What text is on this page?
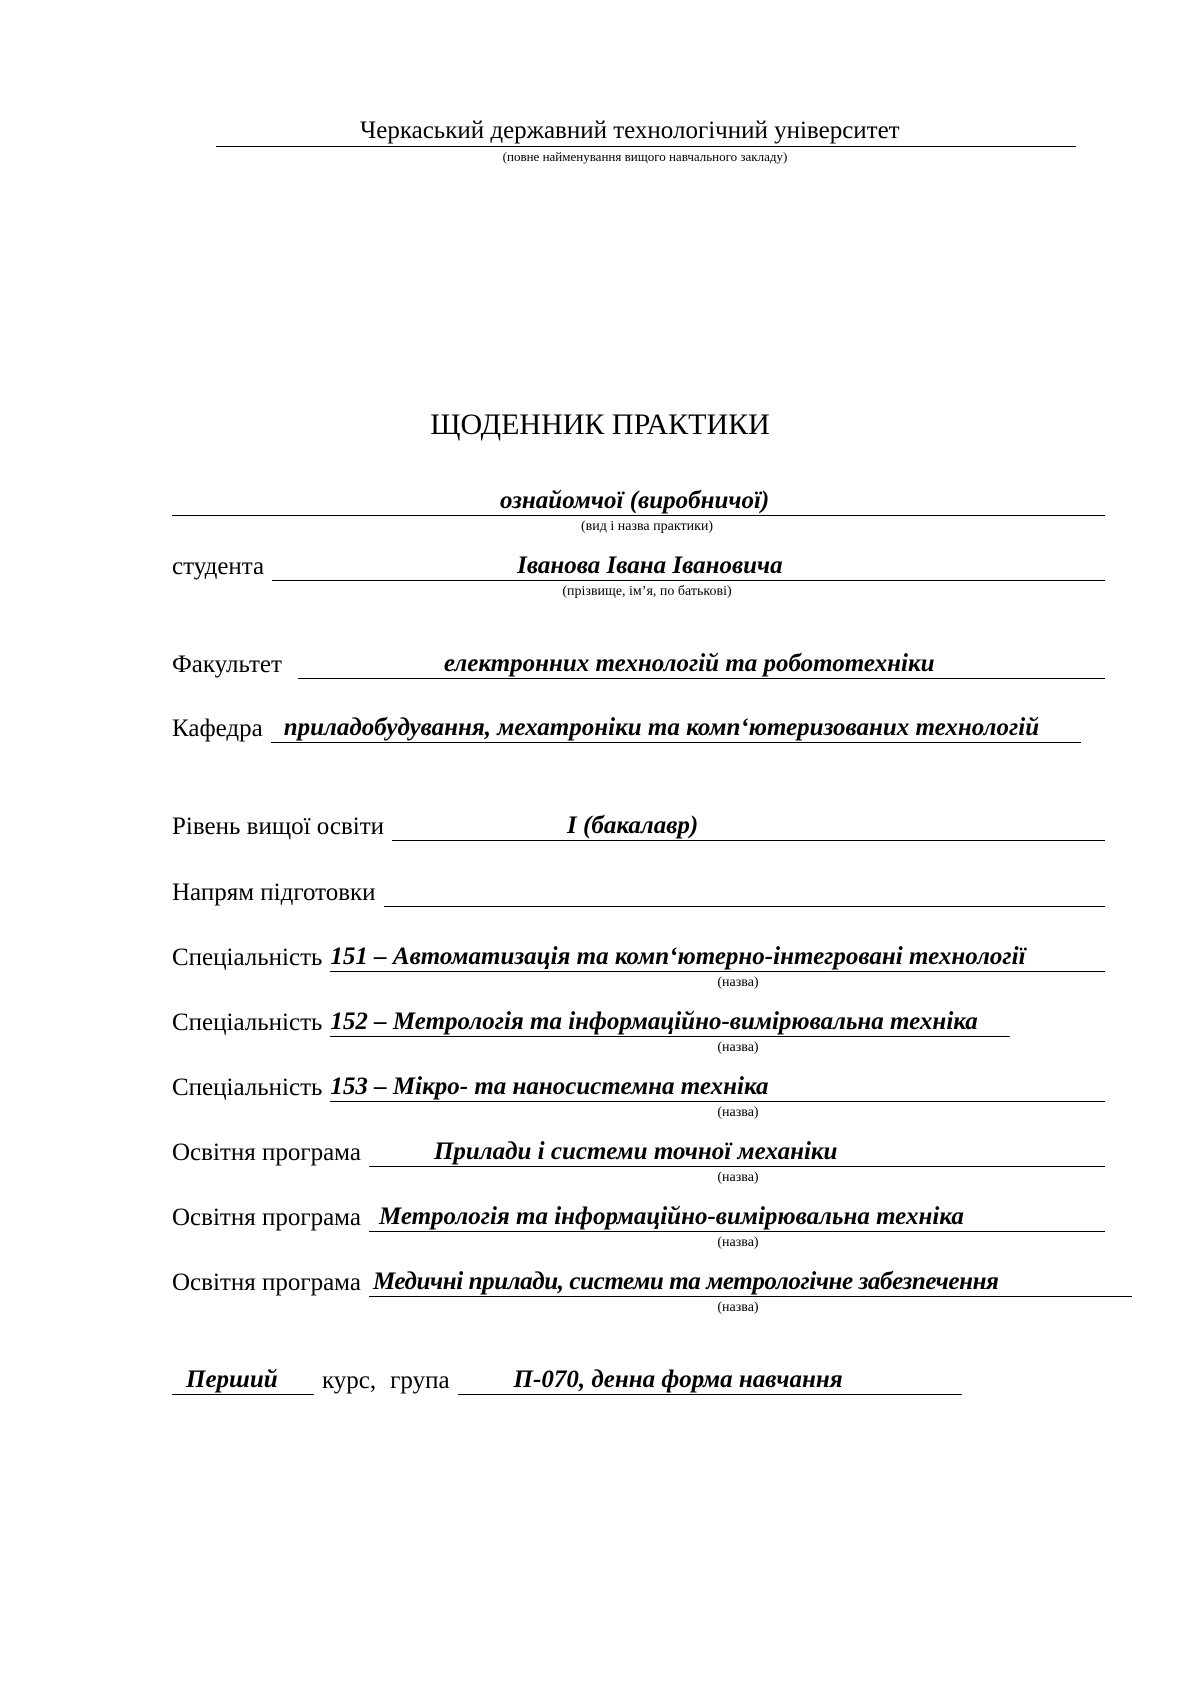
Черкаський державний технологічний університет
(повне найменування вищого навчального закладу)
ЩОДЕННИК ПРАКТИКИ
ознайомчої (виробничої)
(вид і назва практики)
студента	Іванова Івана Івановича
(прізвище, ім’я, по батькові)
Факультет	електронних технологій та робототехніки
Кафедра приладобудування, мехатроніки та комп‘ютеризованих технологій
Рівень вищої освіти	І (бакалавр)
Напрям підготовки
Спеціальність 151 – Автоматизація та комп‘ютерно-інтегровані технології
(назва)
Спеціальність 152 – Метрологія та інформаційно-вимірювальна техніка
(назва)
Спеціальність 153 – Мікро- та наносистемна техніка
(назва)
Освітня програма	Прилади і системи точної механіки
(назва)
Освітня програма Метрологія та інформаційно-вимірювальна техніка
(назва)
Освітня програма Медичні прилади, системи та метрологічне забезпечення
(назва)
Перший курс, група	П-070, денна форма навчання
